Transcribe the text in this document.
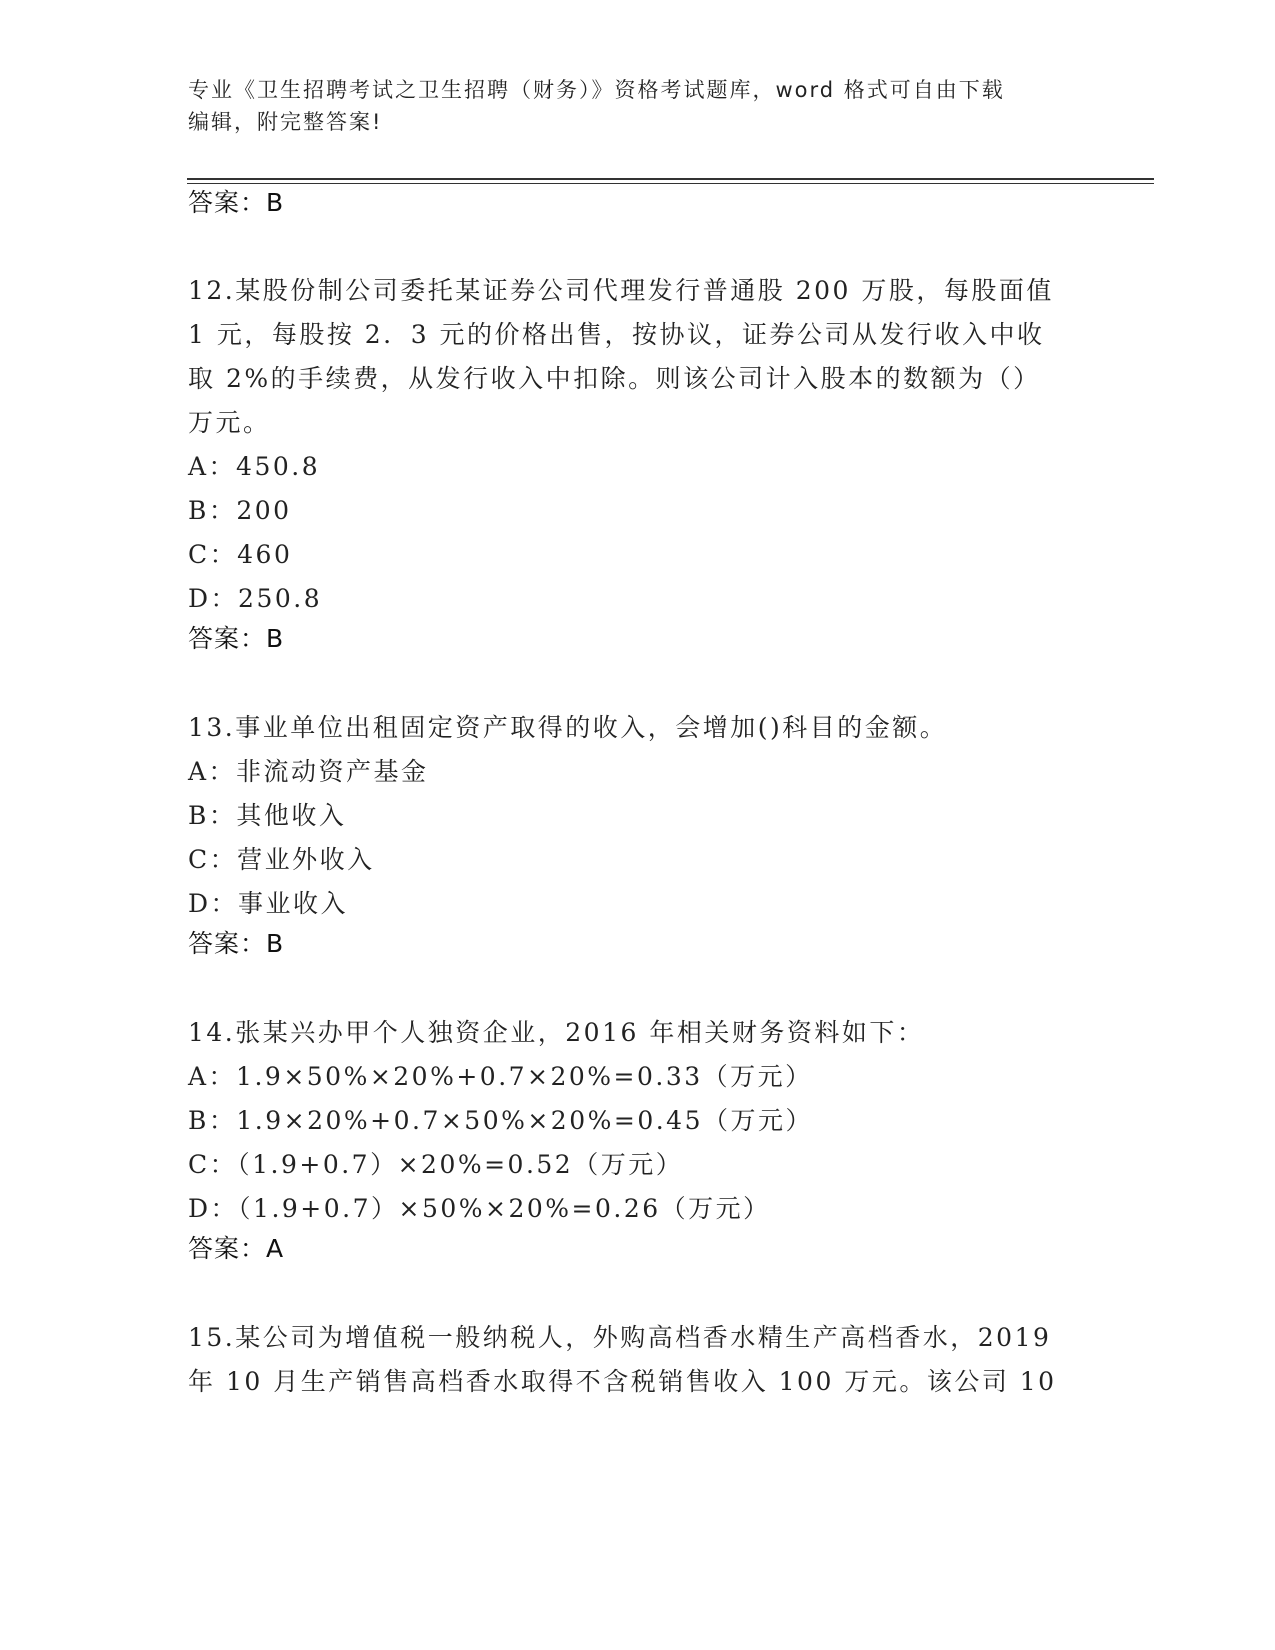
专业《卫生招聘考试之卫生招聘（财务）》资格考试题库，word 格式可自由下载
编辑，附完整答案!
答案：B
12.某股份制公司委托某证券公司代理发行普通股 200 万股，每股面值
1 元，每股按 2．3 元的价格出售，按协议，证券公司从发行收入中收
取 2%的手续费，从发行收入中扣除。则该公司计入股本的数额为（）
万元。
A：450.8
B：200
C：460
D：250.8
答案：B
13.事业单位出租固定资产取得的收入，会增加()科目的金额。
A：非流动资产基金
B：其他收入
C：营业外收入
D：事业收入
答案：B
14.张某兴办甲个人独资企业，2016 年相关财务资料如下：
A：1.9×50%×20%+0.7×20%=0.33（万元）
B：1.9×20%+0.7×50%×20%=0.45（万元）
C：（1.9+0.7）×20%=0.52（万元）
D：（1.9+0.7）×50%×20%=0.26（万元）
答案：A
15.某公司为增值税一般纳税人，外购高档香水精生产高档香水，2019
年 10 月生产销售高档香水取得不含税销售收入 100 万元。该公司 10
